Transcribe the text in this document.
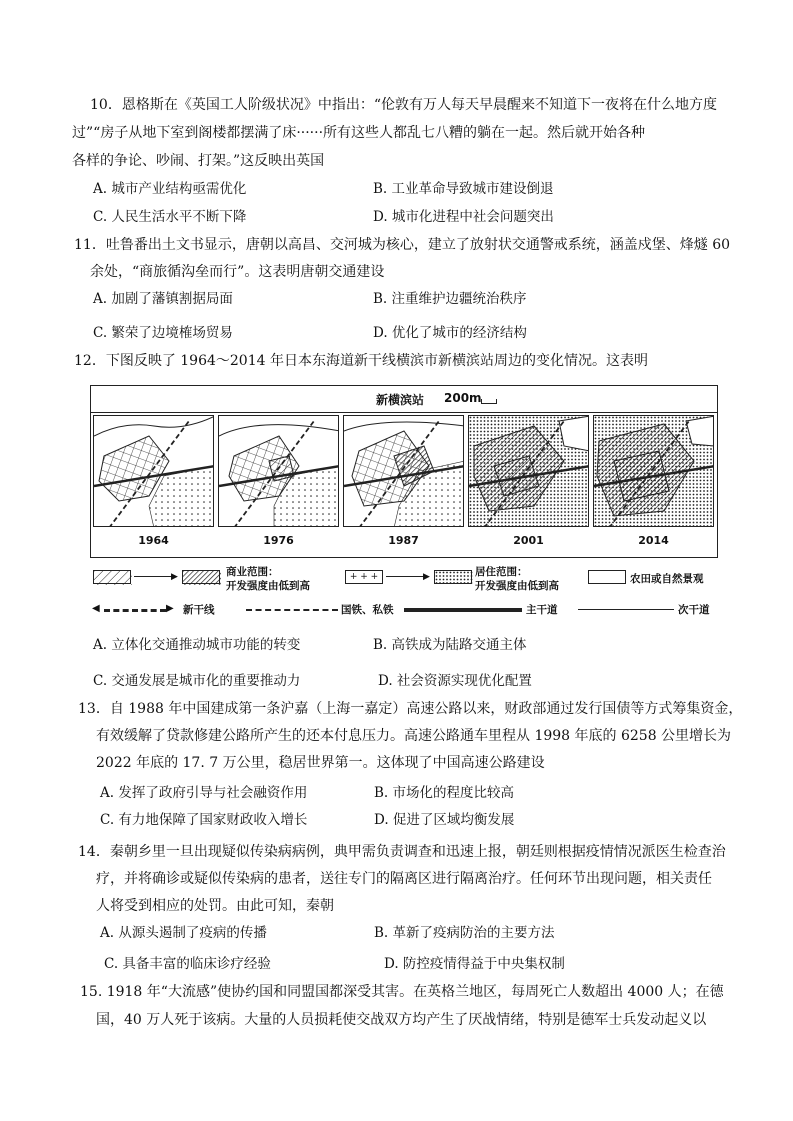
10．恩格斯在《英国工人阶级状况》中指出：“伦敦有万人每天早晨醒来不知道下一夜将在什么地方度
过”“房子从地下室到阁楼都摆满了床······所有这些人都乱七八糟的躺在一起。然后就开始各种
各样的争论、吵闹、打架。”这反映出英国
A. 城市产业结构亟需优化	B. 工业革命导致城市建设倒退
C. 人民生活水平不断下降	D. 城市化进程中社会问题突出
11．吐鲁番出土文书显示，唐朝以高昌、交河城为核心，建立了放射状交通警戒系统，涵盖戍堡、烽燧 60
余处，“商旅循沟垒而行”。这表明唐朝交通建设
A. 加剧了藩镇割据局面	B. 注重维护边疆统治秩序
C. 繁荣了边境榷场贸易	D. 优化了城市的经济结构
12．下图反映了 1964～2014 年日本东海道新干线横滨市新横滨站周边的变化情况。这表明
新横滨站 200m
1964	1976	1987	2001	2014
▶	商业范围：
开发强度由低到高
+ + +	▶	居住范围：
开发强度由低到高
农田或自然景观
◀	▶ 新干线	国铁、私铁	主干道	次干道
A. 立体化交通推动城市功能的转变	B. 高铁成为陆路交通主体
C. 交通发展是城市化的重要推动力	D. 社会资源实现优化配置
13．自 1988 年中国建成第一条沪嘉（上海一嘉定）高速公路以来，财政部通过发行国债等方式筹集资金，
有效缓解了贷款修建公路所产生的还本付息压力。高速公路通车里程从 1998 年底的 6258 公里增长为
2022 年底的 17. 7 万公里，稳居世界第一。这体现了中国高速公路建设
A. 发挥了政府引导与社会融资作用	B. 市场化的程度比较高
C. 有力地保障了国家财政收入增长	D. 促进了区域均衡发展
14．秦朝乡里一旦出现疑似传染病病例，典甲需负责调查和迅速上报，朝廷则根据疫情情况派医生检查治
疗，并将确诊或疑似传染病的患者，送往专门的隔离区进行隔离治疗。任何环节出现问题，相关责任
人将受到相应的处罚。由此可知，秦朝
A. 从源头遏制了疫病的传播	B. 革新了疫病防治的主要方法
C. 具备丰富的临床诊疗经验	D. 防控疫情得益于中央集权制
15. 1918 年“大流感”使协约国和同盟国都深受其害。在英格兰地区，每周死亡人数超出 4000 人；在德
国，40 万人死于该病。大量的人员损耗使交战双方均产生了厌战情绪，特别是德军士兵发动起义以
